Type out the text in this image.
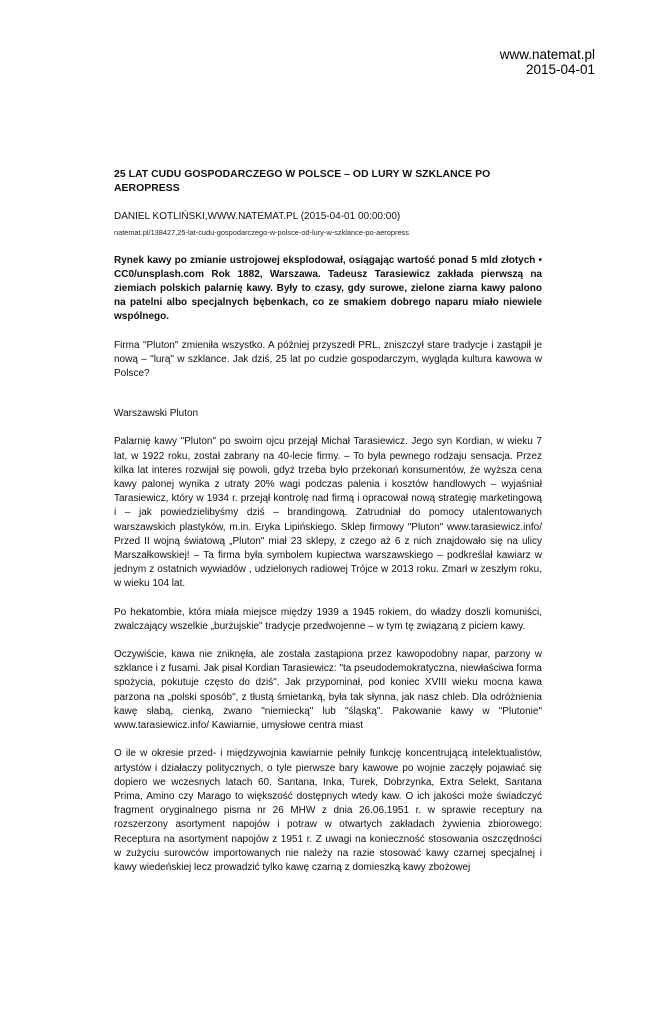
www.natemat.pl
2015-04-01
25 LAT CUDU GOSPODARCZEGO W POLSCE – OD LURY W SZKLANCE PO AEROPRESS
DANIEL KOTLIŃSKI,WWW.NATEMAT.PL (2015-04-01 00:00:00)
natemat.pl/138427,25-lat-cudu-gospodarczego-w-polsce-od-lury-w-szklance-po-aeropress

Rynek kawy po zmianie ustrojowej eksplodował, osiągając wartość ponad 5 mld złotych • CC0/unsplash.com Rok 1882, Warszawa. Tadeusz Tarasiewicz zakłada pierwszą na ziemiach polskich palarnię kawy. Były to czasy, gdy surowe, zielone ziarna kawy palono na patelni albo specjalnych bębenkach, co ze smakiem dobrego naparu miało niewiele wspólnego.

Firma "Pluton" zmieniła wszystko. A później przyszedł PRL, zniszczył stare tradycje i zastąpił je nową – "lurą" w szklance. Jak dziś, 25 lat po cudzie gospodarczym, wygląda kultura kawowa w Polsce?

Warszawski Pluton

Palarnię kawy "Pluton" po swoim ojcu przejął Michał Tarasiewicz. Jego syn Kordian, w wieku 7 lat, w 1922 roku, został zabrany na 40-lecie firmy. – To była pewnego rodzaju sensacja. Przez kilka lat interes rozwijał się powoli, gdyż trzeba było przekonań konsumentów, że wyższa cena kawy palonej wynika z utraty 20% wagi podczas palenia i kosztów handlowych – wyjaśniał Tarasiewicz, który w 1934 r. przejął kontrolę nad firmą i opracował nową strategię marketingową i – jak powiedzielibyśmy dziś – brandingową. Zatrudniał do pomocy utalentowanych warszawskich plastyków, m.in. Eryka Lipińskiego. Sklep firmowy "Pluton" www.tarasiewicz.info/ Przed II wojną światową „Pluton" miał 23 sklepy, z czego aż 6 z nich znajdowało się na ulicy Marszałkowskiej! – Ta firma była symbolem kupiectwa warszawskiego – podkreślał kawiarz w jednym z ostatnich wywiadów , udzielonych radiowej Trójce w 2013 roku. Zmarł w zeszłym roku, w wieku 104 lat.

Po hekatombie, która miała miejsce między 1939 a 1945 rokiem, do władzy doszli komuniści, zwalczający wszelkie „burżujskie" tradycje przedwojenne – w tym tę związaną z piciem kawy.

Oczywiście, kawa nie zniknęła, ale została zastąpiona przez kawopodobny napar, parzony w szklance i z fusami. Jak pisał Kordian Tarasiewicz: "ta pseudodemokratyczna, niewłaściwa forma spożycia, pokutuje często do dziś". Jak przypominał, pod koniec XVIII wieku mocna kawa parzona na „polski sposób", z tłustą śmietanką, była tak słynna, jak nasz chleb. Dla odróżnienia kawę słabą, cienką, zwano "niemiecką" lub "śląską". Pakowanie kawy w "Plutonie" www.tarasiewicz.info/ Kawiarnie, umysłowe centra miast

O ile w okresie przed- i międzywojnia kawiarnie pełniły funkcję koncentrującą intelektualistów, artystów i działaczy politycznych, o tyle pierwsze bary kawowe po wojnie zaczęły pojawiać się dopiero we wczesnych latach 60. Santana, Inka, Turek, Dobrzynka, Extra Selekt, Santana Prima, Amino czy Marago to większość dostępnych wtedy kaw. O ich jakości może świadczyć fragment oryginalnego pisma nr 26 MHW z dnia 26.06.1951 r. w sprawie receptury na rozszerzony asortyment napojów i potraw w otwartych zakładach żywienia zbiorowego: Receptura na asortyment napojów z 1951 r. Z uwagi na konieczność stosowania oszczędności w zużyciu surowców importowanych nie należy na razie stosować kawy czarnej specjalnej i kawy wiedeńskiej lecz prowadzić tylko kawę czarną z domieszką kawy zbożowej
